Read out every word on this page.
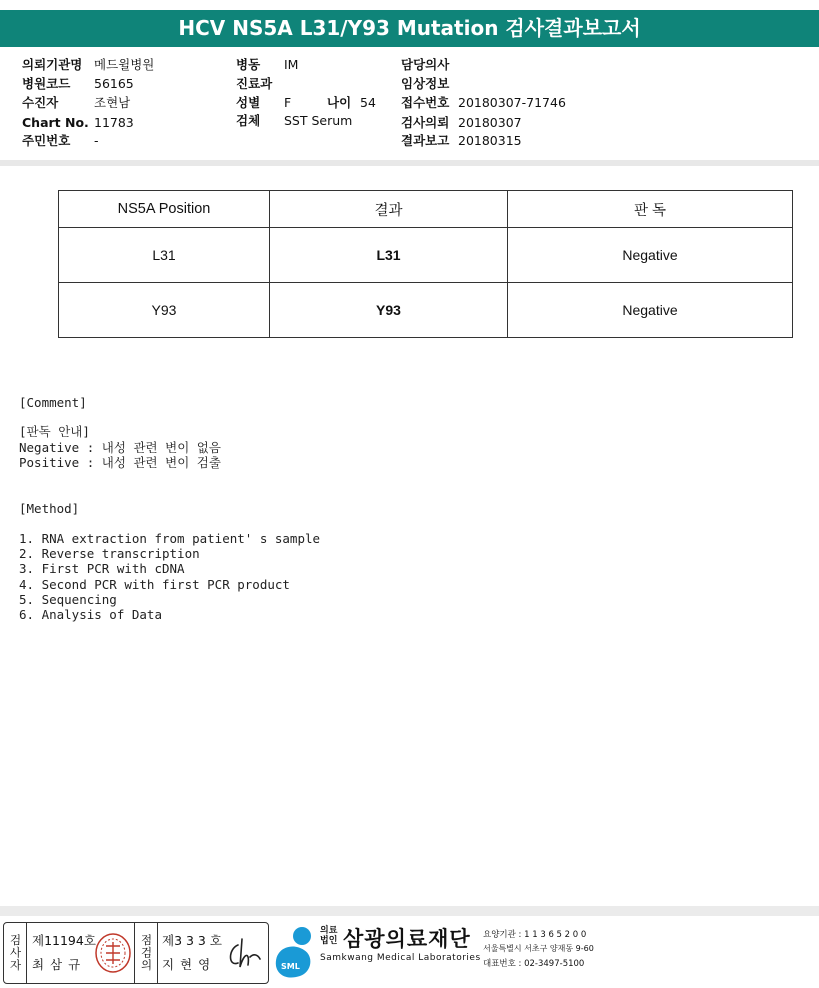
HCV NS5A L31/Y93 Mutation 검사결과보고서
의뢰기관명 메드윌병원
병원코드 56165
수진자	조현남
Chart No. 11783
주민번호 -
병동 IM
진료과
성별 F	나이 54
검체 SST Serum
담당의사
임상정보
접수번호 20180307-71746
검사의뢰 20180307
결과보고 20180315
NS5A Position	결과	판 독
L31	L31	Negative
Y93	Y93	Negative
[Comment]
[판독 안내]
Negative : 내성 관련 변이 없음
Positive : 내성 관련 변이 검출
[Method]
1. RNA extraction from patient' s sample
2. Reverse transcription
3. First PCR with cDNA
4. Second PCR with first PCR product
5. Sequencing
6. Analysis of Data
검사자 제11194호
최 삼 규	점검의 제3 3 3 호
지 현 영	SML
의료법인 삼광의료재단
Samkwang Medical Laboratories
요양기관 : 1 1 3 6 5 2 0 0
서울특별시 서초구 양재동 9-60
대표번호 : 02-3497-5100
